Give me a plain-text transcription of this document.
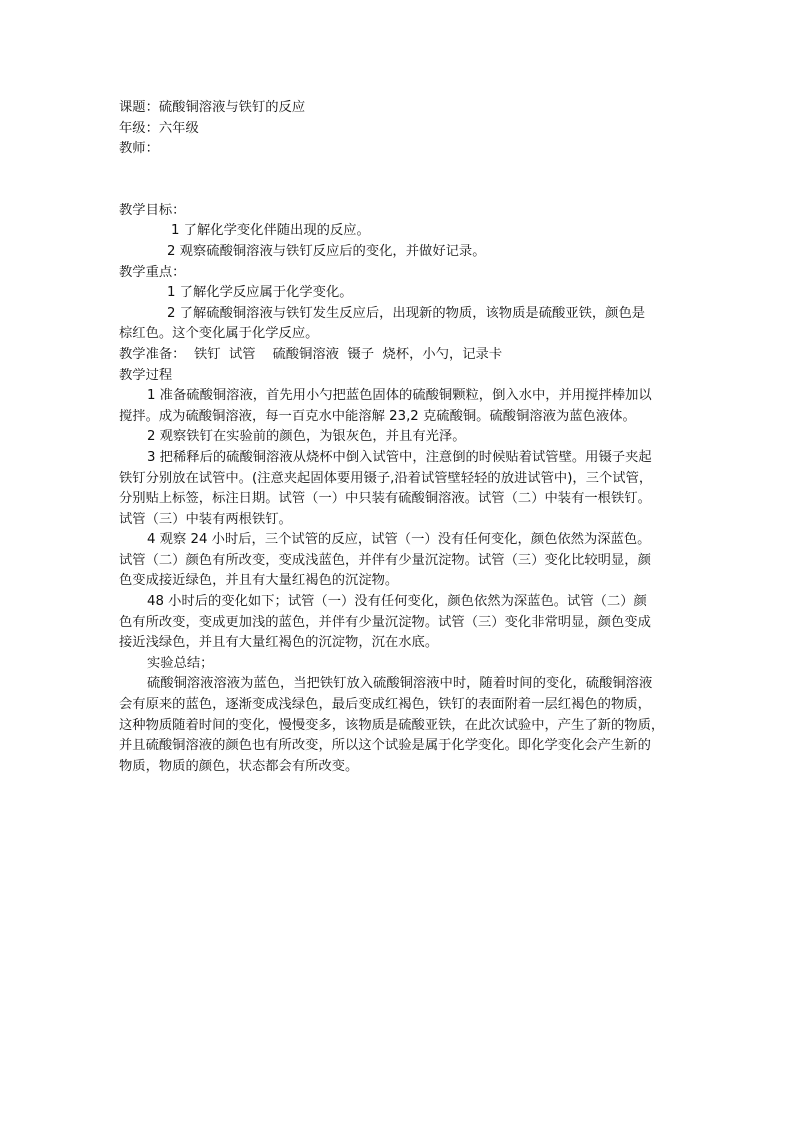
课题：硫酸铜溶液与铁钉的反应
年级：六年级
教师：
教学目标：
1 了解化学变化伴随出现的反应。
2 观察硫酸铜溶液与铁钉反应后的变化，并做好记录。
教学重点：
1 了解化学反应属于化学变化。
2 了解硫酸铜溶液与铁钉发生反应后，出现新的物质，该物质是硫酸亚铁，颜色是
棕红色。这个变化属于化学反应。
教学准备：  铁钉  试管    硫酸铜溶液  镊子  烧杯，小勺，记录卡
教学过程
1 准备硫酸铜溶液，首先用小勺把蓝色固体的硫酸铜颗粒，倒入水中，并用搅拌棒加以
搅拌。成为硫酸铜溶液，每一百克水中能溶解 23,2 克硫酸铜。硫酸铜溶液为蓝色液体。
2 观察铁钉在实验前的颜色，为银灰色，并且有光泽。
3 把稀释后的硫酸铜溶液从烧杯中倒入试管中，注意倒的时候贴着试管壁。用镊子夹起
铁钉分别放在试管中。(注意夹起固体要用镊子,沿着试管壁轻轻的放进试管中)，三个试管，
分别贴上标签，标注日期。试管（一）中只装有硫酸铜溶液。试管（二）中装有一根铁钉。
试管（三）中装有两根铁钉。
4 观察 24 小时后，三个试管的反应，试管（一）没有任何变化，颜色依然为深蓝色。
试管（二）颜色有所改变，变成浅蓝色，并伴有少量沉淀物。试管（三）变化比较明显，颜
色变成接近绿色，并且有大量红褐色的沉淀物。
48 小时后的变化如下；试管（一）没有任何变化，颜色依然为深蓝色。试管（二）颜
色有所改变，变成更加浅的蓝色，并伴有少量沉淀物。试管（三）变化非常明显，颜色变成
接近浅绿色，并且有大量红褐色的沉淀物，沉在水底。
实验总结；
硫酸铜溶液溶液为蓝色，当把铁钉放入硫酸铜溶液中时，随着时间的变化，硫酸铜溶液
会有原来的蓝色，逐渐变成浅绿色，最后变成红褐色，铁钉的表面附着一层红褐色的物质，
这种物质随着时间的变化，慢慢变多，该物质是硫酸亚铁，在此次试验中，产生了新的物质，
并且硫酸铜溶液的颜色也有所改变，所以这个试验是属于化学变化。即化学变化会产生新的
物质，物质的颜色，状态都会有所改变。
